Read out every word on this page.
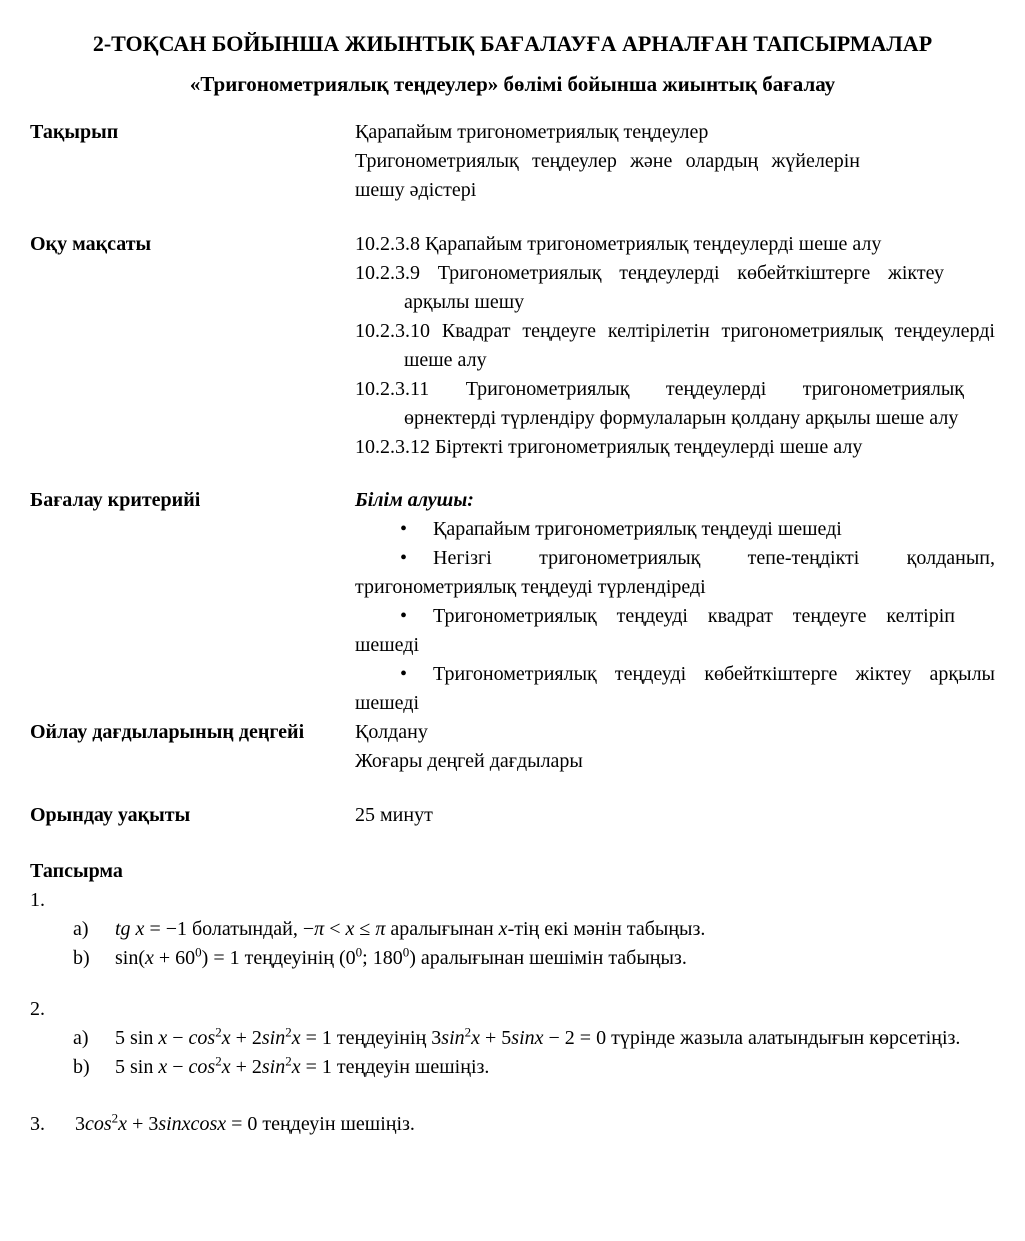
2-ТОҚСАН БОЙЫНША ЖИЫНТЫҚ БАҒАЛАУҒА АРНАЛҒАН ТАПСЫРМАЛАР
«Тригонометриялық теңдеулер» бөлімі бойынша жиынтық бағалау
Тақырып	Қарапайым тригонометриялық теңдеулер
Тригонометриялық теңдеулер және олардың жүйелерін шешу әдістері
Оқу мақсаты	10.2.3.8 Қарапайым тригонометриялық теңдеулерді шеше алу
10.2.3.9 Тригонометриялық теңдеулерді көбейткіштерге жіктеу арқылы шешу
10.2.3.10 Квадрат теңдеуге келтірілетін тригонометриялық теңдеулерді шеше алу
10.2.3.11 Тригонометриялық теңдеулерді тригонометриялық өрнектерді түрлендіру формулаларын қолдану арқылы шеше алу
10.2.3.12 Біртекті тригонометриялық теңдеулерді шеше алу
Бағалау критерийі	Білім алушы:
• Қарапайым тригонометриялық теңдеуді шешеді
• Негізгі тригонометриялық тепе-теңдікті қолданып, тригонометриялық теңдеуді түрлендіреді
• Тригонометриялық теңдеуді квадрат теңдеуге келтіріп шешеді
• Тригонометриялық теңдеуді көбейткіштерге жіктеу арқылы шешеді
Ойлау дағдыларының деңгейі	Қолдану
Жоғары деңгей дағдылары
Орындау уақыты	25 минут
Тапсырма
1.
a)	tg x = −1 болатындай, −π < x ≤ π аралығынан x-тің екі мәнін табыңыз.
b)	$\sin(x + 60^0) = 1$ теңдеуінің ($0^0$; $180^0$) аралығынан шешімін табыңыз.
2.
a)	5 $\sin x - \cos^2x + 2\sin^2x = 1$ теңдеуінің $3\sin^2x + 5\sin x - 2 = 0$ түрінде жазыла алатындығын көрсетіңіз.
b)	5 $\sin x - \cos^2x + 2\sin^2x = 1$ теңдеуін шешіңіз.
3.	$3\cos^2x$ + 3sinxcosx = 0 теңдеуін шешіңіз.
